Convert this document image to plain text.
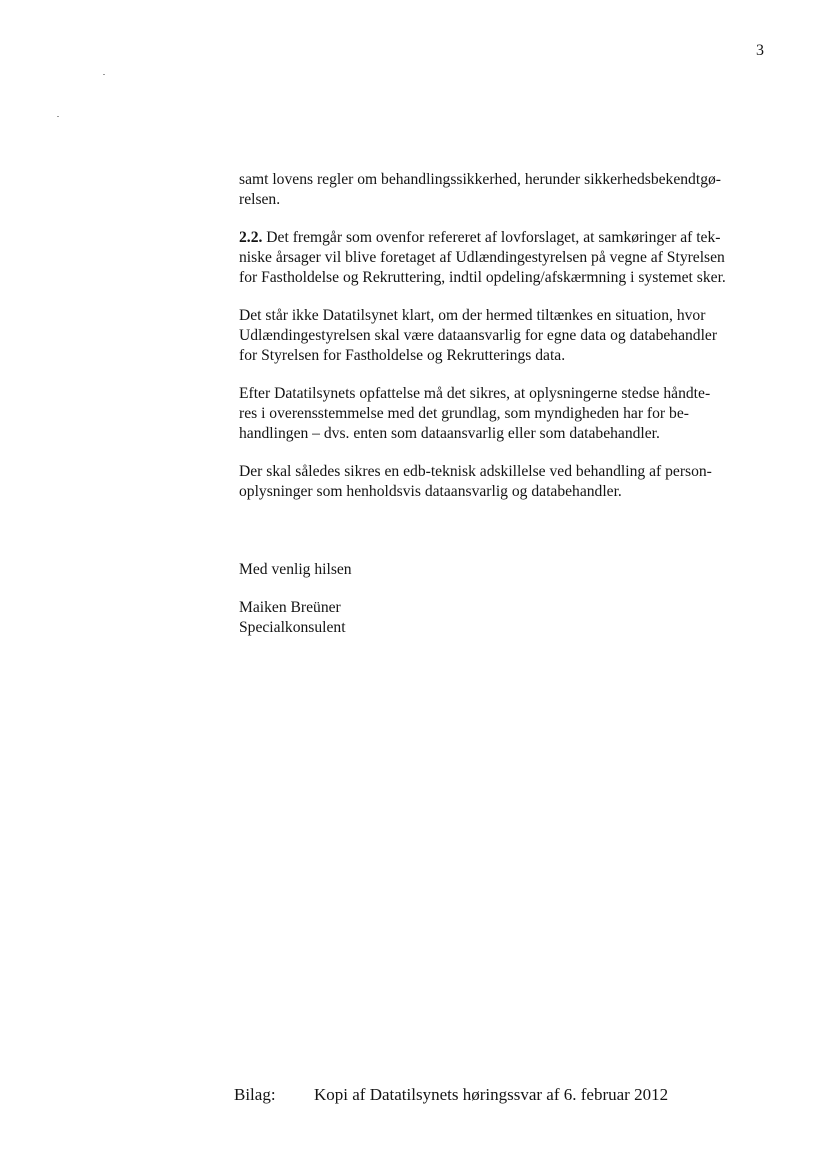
3
samt lovens regler om behandlingssikkerhed, herunder sikkerhedsbekendtgø-
relsen.
2.2. Det fremgår som ovenfor refereret af lovforslaget, at samkøringer af tek-
niske årsager vil blive foretaget af Udlændingestyrelsen på vegne af Styrelsen
for Fastholdelse og Rekruttering, indtil opdeling/afskærmning i systemet sker.
Det står ikke Datatilsynet klart, om der hermed tiltænkes en situation, hvor
Udlændingestyrelsen skal være dataansvarlig for egne data og databehandler
for Styrelsen for Fastholdelse og Rekrutterings data.
Efter Datatilsynets opfattelse må det sikres, at oplysningerne stedse håndte-
res i overensstemmelse med det grundlag, som myndigheden har for be-
handlingen – dvs. enten som dataansvarlig eller som databehandler.
Der skal således sikres en edb-teknisk adskillelse ved behandling af person-
oplysninger som henholdsvis dataansvarlig og databehandler.
Med venlig hilsen
Maiken Breüner
Specialkonsulent
Bilag: Kopi af Datatilsynets høringssvar af 6. februar 2012
